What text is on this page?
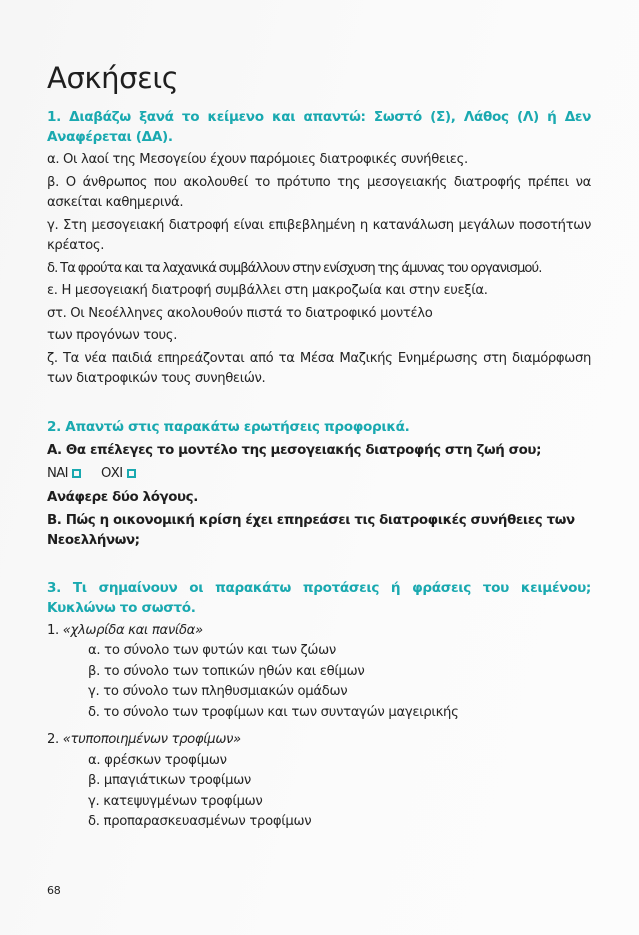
Ασκήσεις

1. Διαβάζω ξανά το κείμενο και απαντώ: Σωστό (Σ), Λάθος (Λ) ή Δεν Αναφέρεται (ΔΑ).

α. Οι λαοί της Μεσογείου έχουν παρόμοιες διατροφικές συνήθειες.

β. Ο άνθρωπος που ακολουθεί το πρότυπο της μεσογειακής διατροφής πρέπει να ασκείται καθημερινά.

γ. Στη μεσογειακή διατροφή είναι επιβεβλημένη η κατανάλωση μεγάλων ποσοτήτων κρέατος.

δ. Τα φρούτα και τα λαχανικά συμβάλλουν στην ενίσχυση της άμυνας του οργανισμού.

ε. Η μεσογειακή διατροφή συμβάλλει στη μακροζωία και στην ευεξία.

στ. Οι Νεοέλληνες ακολουθούν πιστά το διατροφικό μοντέλο

των προγόνων τους.

ζ. Τα νέα παιδιά επηρεάζονται από τα Μέσα Μαζικής Ενημέρωσης στη διαμόρφωση των διατροφικών τους συνηθειών.

2. Απαντώ στις παρακάτω ερωτήσεις προφορικά.

Α. Θα επέλεγες το μοντέλο της μεσογειακής διατροφής στη ζωή σου;

ΝΑΙ	ΟΧΙ

Ανάφερε δύο λόγους.

Β. Πώς η οικονομική κρίση έχει επηρεάσει τις διατροφικές συνήθειες των Νεοελλήνων;

3. Τι σημαίνουν οι παρακάτω προτάσεις ή φράσεις του κειμένου; Κυκλώνω το σωστό.

1. «χλωρίδα και πανίδα»

α. το σύνολο των φυτών και των ζώων
β. το σύνολο των τοπικών ηθών και εθίμων
γ. το σύνολο των πληθυσμιακών ομάδων
δ. το σύνολο των τροφίμων και των συνταγών μαγειρικής

2. «τυποποιημένων τροφίμων»

α. φρέσκων τροφίμων
β. μπαγιάτικων τροφίμων
γ. κατεψυγμένων τροφίμων
δ. προπαρασκευασμένων τροφίμων
68
